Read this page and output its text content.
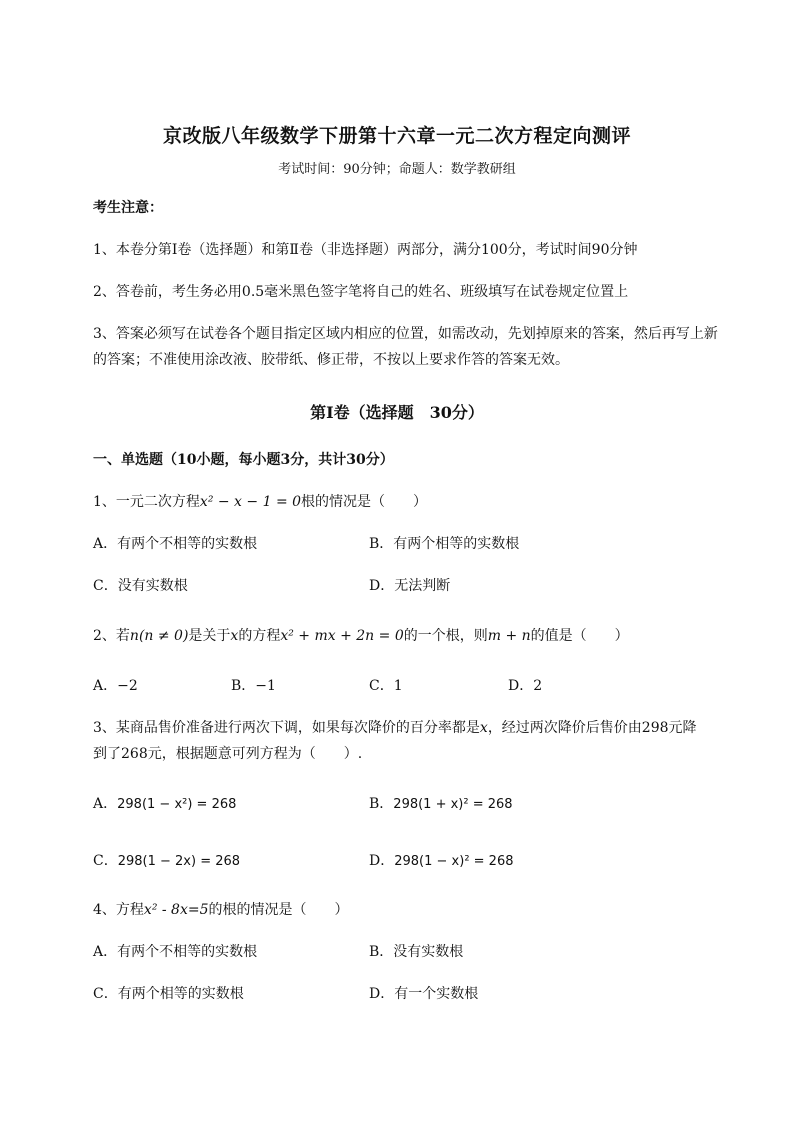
京改版八年级数学下册第十六章一元二次方程定向测评
考试时间：90分钟；命题人：数学教研组
考生注意：
1、本卷分第I卷（选择题）和第Ⅱ卷（非选择题）两部分，满分100分，考试时间90分钟
2、答卷前，考生务必用0.5毫米黑色签字笔将自己的姓名、班级填写在试卷规定位置上
3、答案必须写在试卷各个题目指定区域内相应的位置，如需改动，先划掉原来的答案，然后再写上新
的答案；不准使用涂改液、胶带纸、修正带，不按以上要求作答的答案无效。
第I卷（选择题　30分）
一、单选题（10小题，每小题3分，共计30分）
1、一元二次方程x² − x − 1 = 0根的情况是（　　）
A．有两个不相等的实数根	B．有两个相等的实数根
C．没有实数根	D．无法判断
2、若n(n ≠ 0)是关于x的方程x² + mx + 2n = 0的一个根，则m + n的值是（　　）
A．−2	B．−1	C．1	D．2
3、某商品售价准备进行两次下调，如果每次降价的百分率都是x，经过两次降价后售价由298元降
到了268元，根据题意可列方程为（　　）.
A．298(1 − x²) = 268	B．298(1 + x)² = 268
C．298(1 − 2x) = 268	D．298(1 − x)² = 268
4、方程x² - 8x=5的根的情况是（　　）
A．有两个不相等的实数根	B．没有实数根
C．有两个相等的实数根	D．有一个实数根
